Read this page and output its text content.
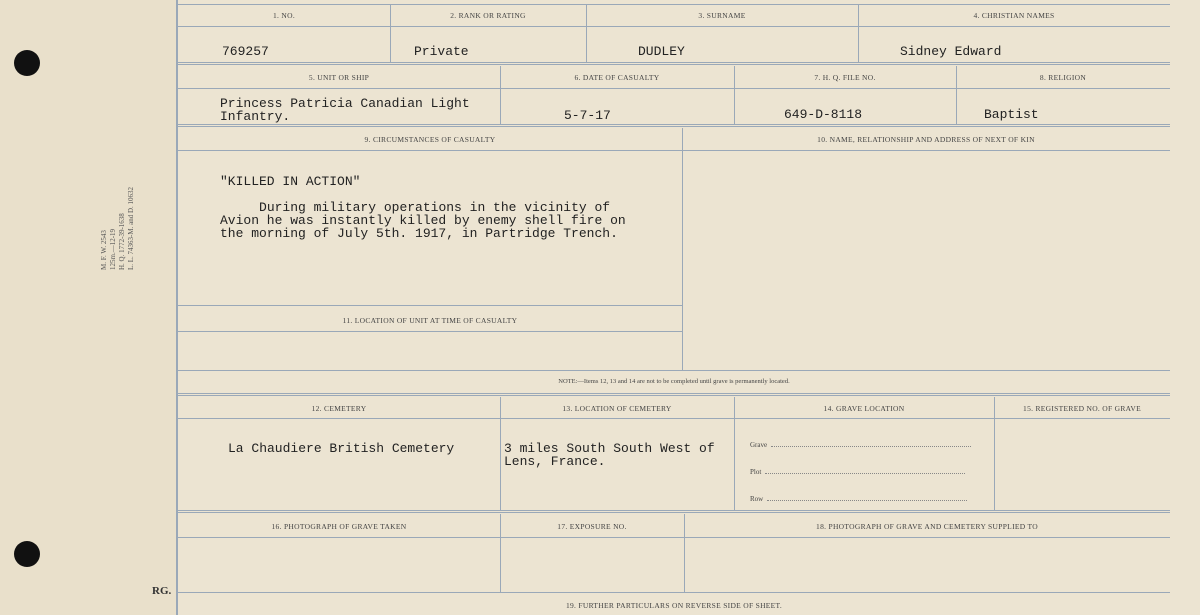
M. F. W. 2543 125m.—12-19 H. Q. 1772-39-1638 L. L. 74363-M. and D. 10632
RG.
1. NO.	2. RANK OR RATING	3. SURNAME	4. CHRISTIAN NAMES
769257	Private	DUDLEY	Sidney Edward
5. UNIT OR SHIP	6. DATE OF CASUALTY	7. H. Q. FILE NO.	8. RELIGION
Princess Patricia Canadian Light
Infantry.	5-7-17	649-D-8118	Baptist
9. CIRCUMSTANCES OF CASUALTY	10. NAME, RELATIONSHIP AND ADDRESS OF NEXT OF KIN
"KILLED IN ACTION"
During military operations in the vicinity of
Avion he was instantly killed by enemy shell fire on
the morning of July 5th. 1917, in Partridge Trench.
11. LOCATION OF UNIT AT TIME OF CASUALTY
NOTE:—Items 12, 13 and 14 are not to be completed until grave is permanently located.
12. CEMETERY	13. LOCATION OF CEMETERY	14. GRAVE LOCATION	15. REGISTERED NO. OF GRAVE
La Chaudiere British Cemetery	3 miles South South West of
Lens, France.
16. PHOTOGRAPH OF GRAVE TAKEN	17. EXPOSURE NO.	18. PHOTOGRAPH OF GRAVE AND CEMETERY SUPPLIED TO
19. FURTHER PARTICULARS ON REVERSE SIDE OF SHEET.
Grave
Plot
Row
